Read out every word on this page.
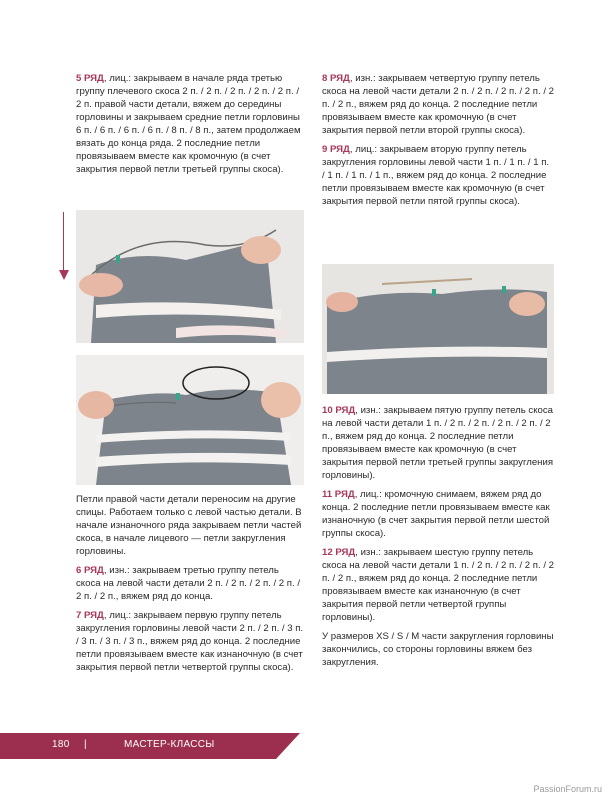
5 РЯД, лиц.: закрываем в начале ряда третью группу плечевого скоса 2 п. / 2 п. / 2 п. / 2 п. / 2 п. / 2 п. правой части детали, вяжем до середины горловины и закрываем средние петли горловины 6 п. / 6 п. / 6 п. / 6 п. / 8 п. / 8 п., затем продолжаем вязать до конца ряда. 2 последние петли провязываем вместе как кромочную (в счет закрытия первой петли третьей группы скоса).

Петли правой части детали переносим на другие спицы. Работаем только с левой частью детали. В начале изнаночного ряда закрываем петли частей скоса, в начале лицевого — петли закругления горловины.

6 РЯД, изн.: закрываем третью группу петель скоса на левой части детали 2 п. / 2 п. / 2 п. / 2 п. / 2 п. / 2 п., вяжем ряд до конца.

7 РЯД, лиц.: закрываем первую группу петель закругления горловины левой части 2 п. / 2 п. / 3 п. / 3 п. / 3 п. / 3 п., вяжем ряд до конца. 2 последние петли провязываем вместе как изнаночную (в счет закрытия первой петли четвертой группы скоса).

8 РЯД, изн.: закрываем четвертую группу петель скоса на левой части детали 2 п. / 2 п. / 2 п. / 2 п. / 2 п. / 2 п., вяжем ряд до конца. 2 последние петли провязываем вместе как кромочную (в счет закрытия первой петли второй группы скоса).

9 РЯД, лиц.: закрываем вторую группу петель закругления горловины левой части 1 п. / 1 п. / 1 п. / 1 п. / 1 п. / 1 п., вяжем ряд до конца. 2 последние петли провязываем вместе как кромочную (в счет закрытия первой петли пятой группы скоса).

10 РЯД, изн.: закрываем пятую группу петель скоса на левой части детали 1 п. / 2 п. / 2 п. / 2 п. / 2 п. / 2 п., вяжем ряд до конца. 2 последние петли провязываем вместе как кромочную (в счет закрытия первой петли третьей группы закругления горловины).

11 РЯД, лиц.: кромочную снимаем, вяжем ряд до конца. 2 последние петли провязываем вместе как изнаночную (в счет закрытия первой петли шестой группы скоса).

12 РЯД, изн.: закрываем шестую группу петель скоса на левой части детали 1 п. / 2 п. / 2 п. / 2 п. / 2 п. / 2 п., вяжем ряд до конца. 2 последние петли провязываем вместе как изнаночную (в счет закрытия первой петли четвертой группы горловины).

У размеров XS / S / M части закругления горловины закончились, со стороны горловины вяжем без закругления.

180 |	МАСТЕР-КЛАССЫ
PassionForum.ru
